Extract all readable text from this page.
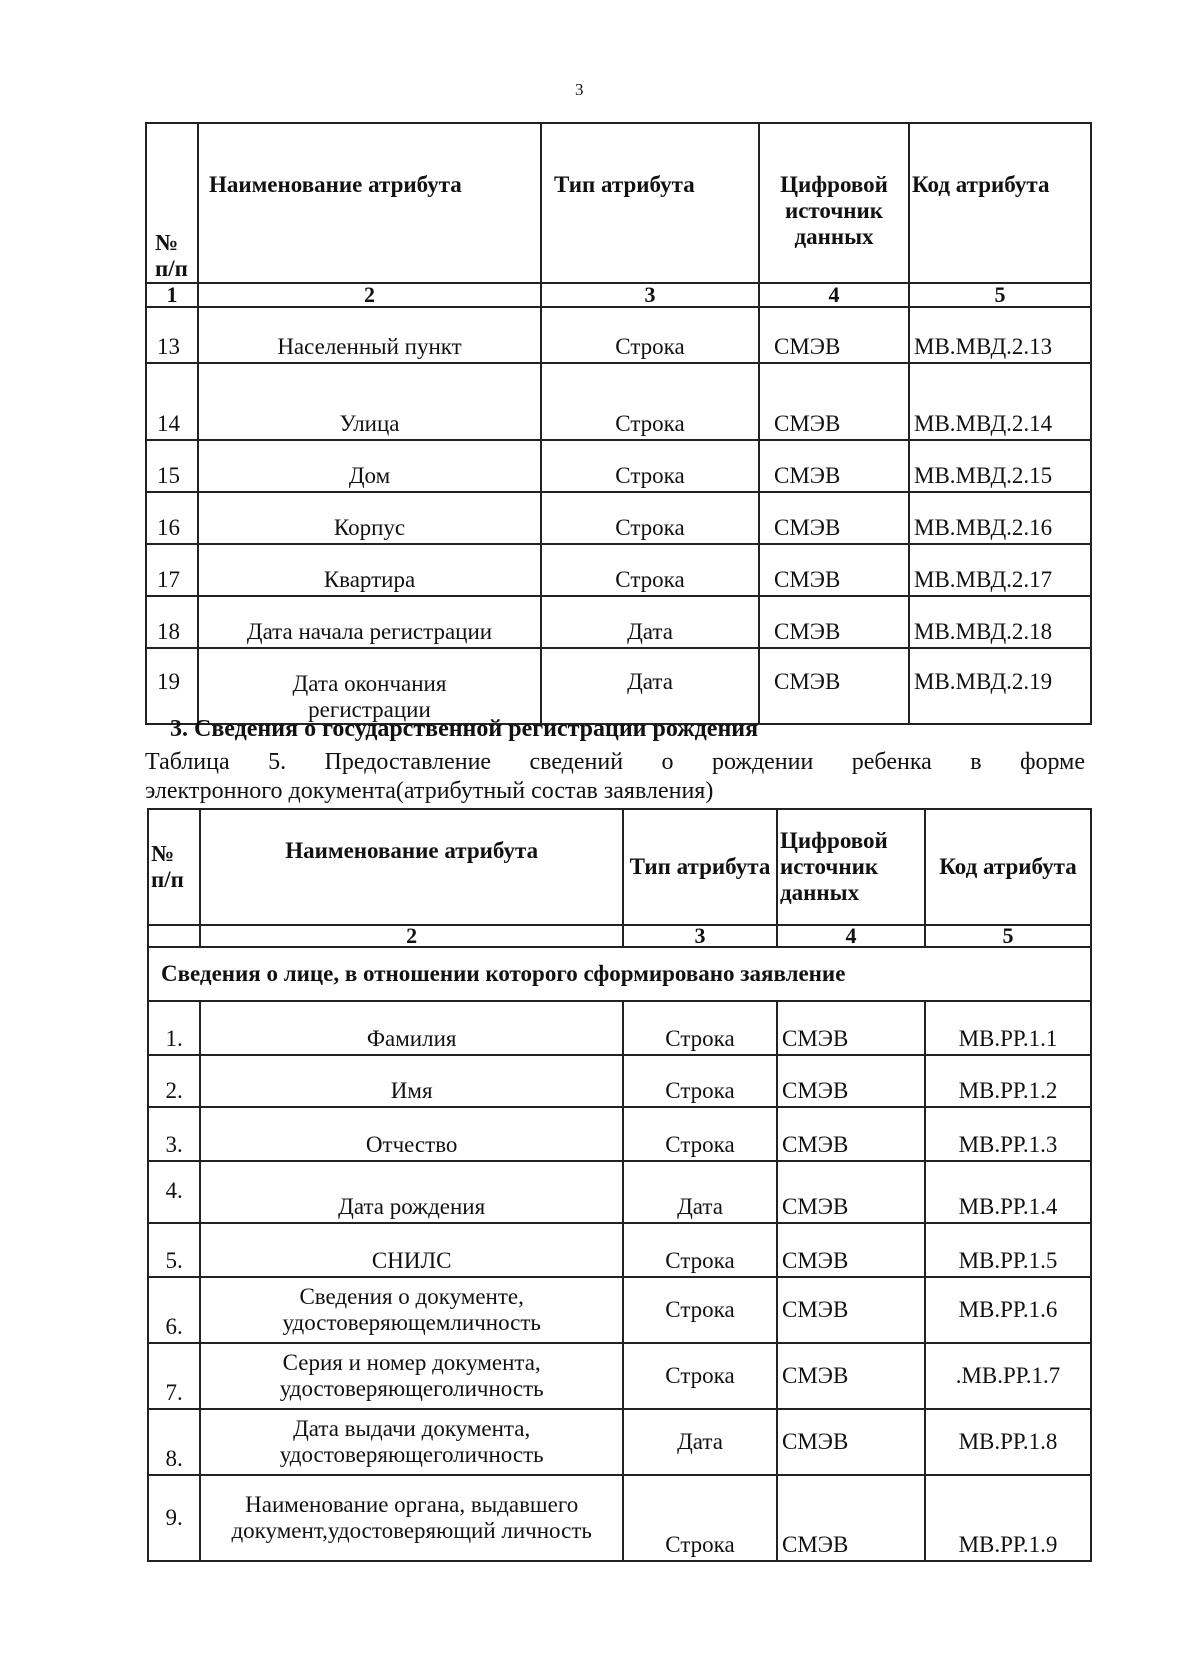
3
№ п/п	Наименование атрибута	Тип атрибута	Цифровой источник данных	Код атрибута
1	2	3	4	5
13	Населенный пункт	Строка	СМЭВ	МВ.МВД.2.13
14	Улица	Строка	СМЭВ	МВ.МВД.2.14
15	Дом	Строка	СМЭВ	МВ.МВД.2.15
16	Корпус	Строка	СМЭВ	МВ.МВД.2.16
17	Квартира	Строка	СМЭВ	МВ.МВД.2.17
18	Дата начала регистрации	Дата	СМЭВ	МВ.МВД.2.18
19	Дата окончания регистрации	Дата	СМЭВ	МВ.МВД.2.19
3. Сведения о государственной регистрации рождения
Таблица 5. Предоставление сведений о рождении ребенка в форме
электронного документа(атрибутный состав заявления)
№ п/п	Наименование атрибута	Тип атрибута	Цифровой источник данных	Код атрибута
	2	3	4	5
Сведения о лице, в отношении которого сформировано заявление				
1.	Фамилия	Строка	СМЭВ	МВ.РР.1.1
2.	Имя	Строка	СМЭВ	МВ.РР.1.2
3.	Отчество	Строка	СМЭВ	МВ.РР.1.3
4.	Дата рождения	Дата	СМЭВ	МВ.РР.1.4
5.	СНИЛС	Строка	СМЭВ	МВ.РР.1.5
6.	Сведения о документе, удостоверяющемличность	Строка	СМЭВ	МВ.РР.1.6
7.	Серия и номер документа, удостоверяющеголичность	Строка	СМЭВ	.МВ.РР.1.7
8.	Дата выдачи документа, удостоверяющеголичность	Дата	СМЭВ	МВ.РР.1.8
9.	Наименование органа, выдавшего документ,удостоверяющий личность	Строка	СМЭВ	МВ.РР.1.9
